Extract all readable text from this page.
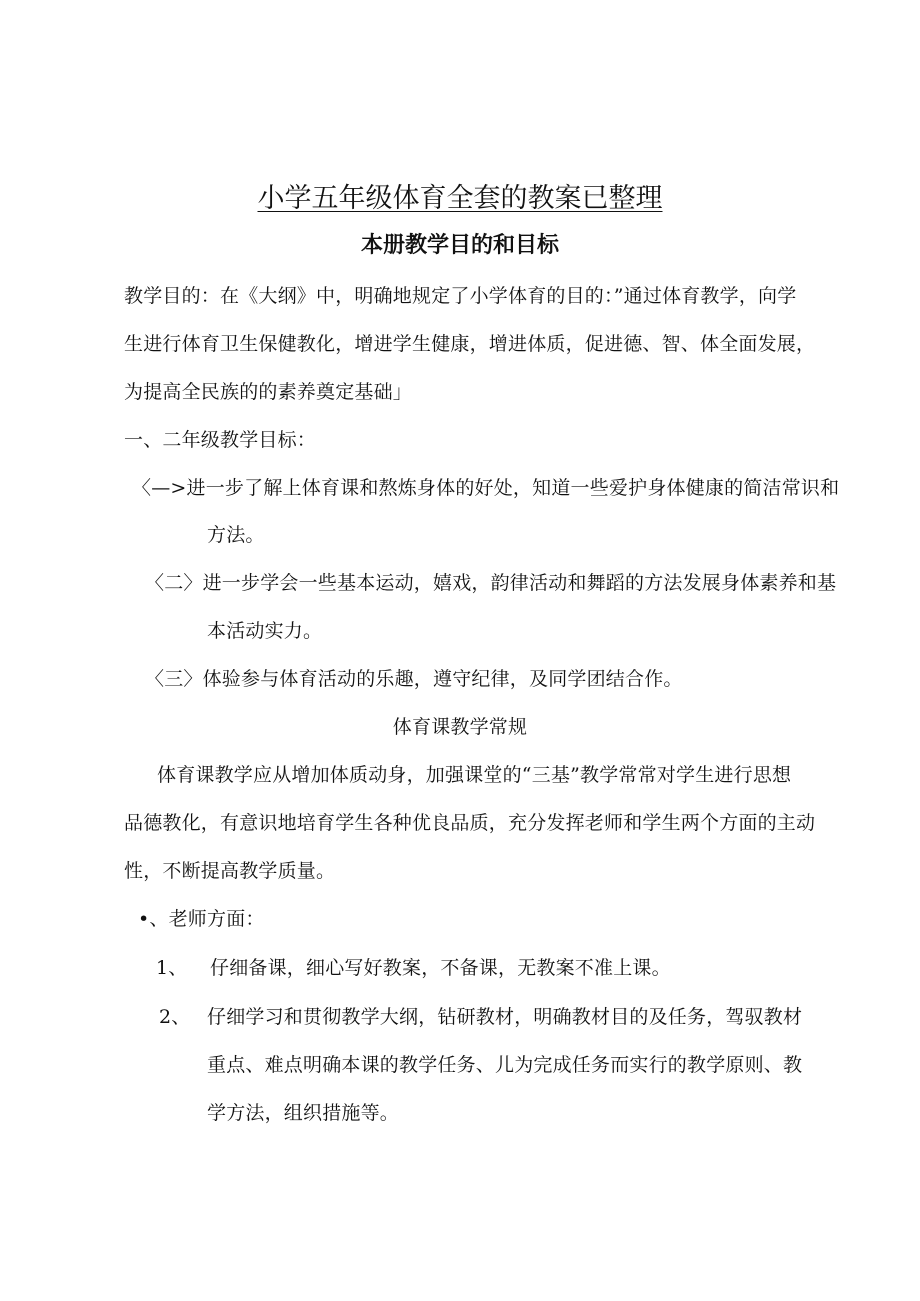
小学五年级体育全套的教案已整理
本册教学目的和目标
教学目的：在《大纲》中，明确地规定了小学体育的目的：”通过体育教学，向学
生进行体育卫生保健教化，增进学生健康，增进体质，促进德、智、体全面发展，
为提高全民族的的素养奠定基础」
一、二年级教学目标：
〈—>进一步了解上体育课和熬炼身体的好处，知道一些爱护身体健康的简洁常识和
方法。
〈二〉进一步学会一些基本运动，嬉戏，韵律活动和舞蹈的方法发展身体素养和基
本活动实力。
〈三〉体验参与体育活动的乐趣，遵守纪律，及同学团结合作。
体育课教学常规
体育课教学应从增加体质动身，加强课堂的“三基”教学常常对学生进行思想
品德教化，有意识地培育学生各种优良品质，充分发挥老师和学生两个方面的主动
性，不断提高教学质量。
•、老师方面：
1、 仔细备课，细心写好教案，不备课，无教案不准上课。
2、 仔细学习和贯彻教学大纲，钻研教材，明确教材目的及任务，驾驭教材
重点、难点明确本课的教学任务、儿为完成任务而实行的教学原则、教
学方法，组织措施等。
